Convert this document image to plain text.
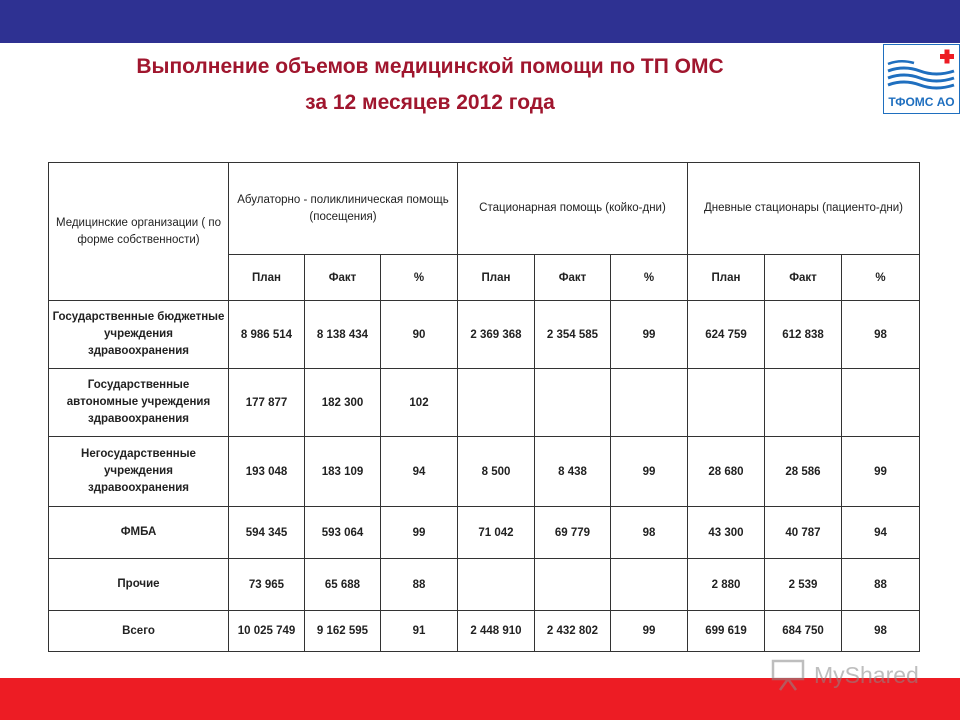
Выполнение объемов медицинской помощи по ТП ОМС
за 12 месяцев 2012 года	ТФОМС АО
Медицинские организации ( по форме собственности)	Абулаторно - поликлиническая помощь (посещения)			Стационарная помощь (койко-дни)			Дневные стационары (пациенто-дни)		
	План	Факт	%	План	Факт	%	План	Факт	%
Государственные бюджетные учреждения здравоохранения	8 986 514	8 138 434	90	2 369 368	2 354 585	99	624 759	612 838	98
Государственные автономные учреждения здравоохранения	177 877	182 300	102						
Негосударственные учреждения здравоохранения	193 048	183 109	94	8 500	8 438	99	28 680	28 586	99
ФМБА	594 345	593 064	99	71 042	69 779	98	43 300	40 787	94
Прочие	73 965	65 688	88				2 880	2 539	88
Всего	10 025 749	9 162 595	91	2 448 910	2 432 802	99	699 619	684 750	98
MyShared
